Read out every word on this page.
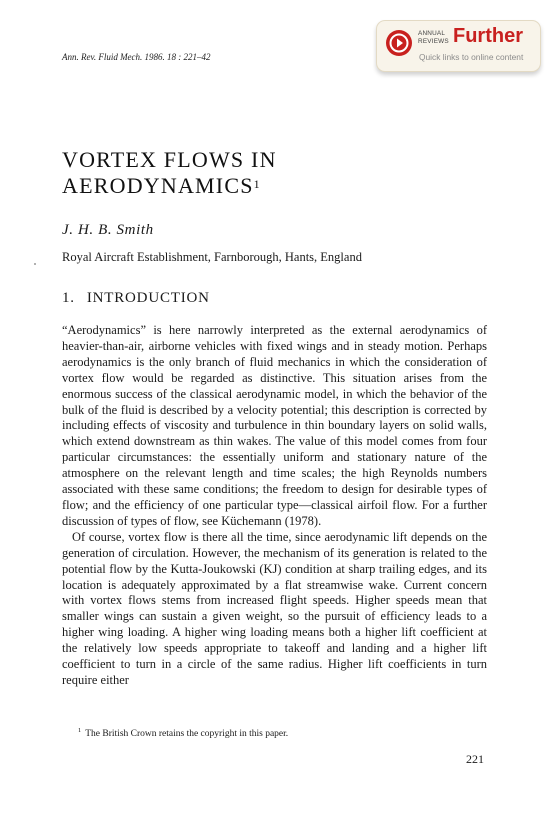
Ann. Rev. Fluid Mech. 1986. 18 : 221–42
ANNUAL
REVIEWS Further
Quick links to online content
VORTEX FLOWS IN
AERODYNAMICS$^1$
J. H. B. Smith
Royal Aircraft Establishment, Farnborough, Hants, England
1. INTRODUCTION

“Aerodynamics” is here narrowly interpreted as the external aerodynamics of heavier-than-air, airborne vehicles with fixed wings and in steady motion. Perhaps aerodynamics is the only branch of fluid mechanics in which the consideration of vortex flow would be regarded as distinctive. This situation arises from the enormous success of the classical aerodynamic model, in which the behavior of the bulk of the fluid is described by a velocity potential; this description is corrected by including effects of viscosity and turbulence in thin boundary layers on solid walls, which extend downstream as thin wakes. The value of this model comes from four particular circumstances: the essentially uniform and stationary nature of the atmosphere on the relevant length and time scales; the high Reynolds numbers associated with these same conditions; the freedom to design for desirable types of flow; and the efficiency of one particular type—classical airfoil flow. For a further discussion of types of flow, see Küchemann (1978).

Of course, vortex flow is there all the time, since aerodynamic lift depends on the generation of circulation. However, the mechanism of its generation is related to the potential flow by the Kutta-Joukowski (KJ) condition at sharp trailing edges, and its location is adequately approximated by a flat streamwise wake. Current concern with vortex flows stems from increased flight speeds. Higher speeds mean that smaller wings can sustain a given weight, so the pursuit of efficiency leads to a higher wing loading. A higher wing loading means both a higher lift coefficient at the relatively low speeds appropriate to takeoff and landing and a higher lift coefficient to turn in a circle of the same radius. Higher lift coefficients in turn require either

$^1$ The British Crown retains the copyright in this paper.
221
